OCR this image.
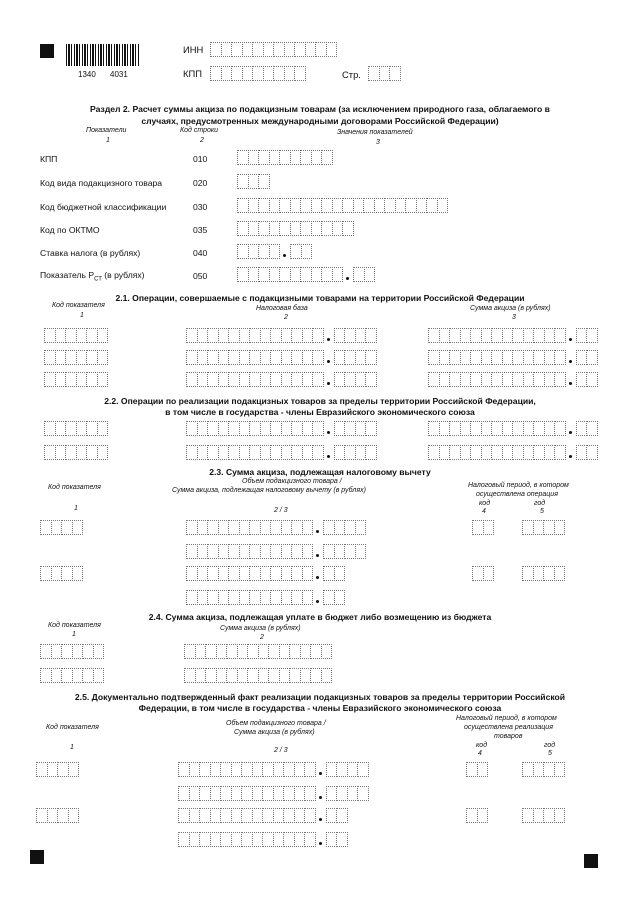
1340 4031
ИНН
КПП	Стр.
Раздел 2. Расчет суммы акциза по подакцизным товарам (за исключением природного газа, облагаемого в
случаях, предусмотренных международными договорами Российской Федерации)
Показатели
1
Код строки
2
Значения показателей
3
КПП	010
Код вида подакцизного товара	020
Код бюджетной классификации	030
Код по ОКТМО	035
Ставка налога (в рублях)	040
Показатель $Р_{СТ}$ (в рублях)	050
2.1. Операции, совершаемые с подакцизными товарами на территории Российской Федерации
Код показателя
1
Налоговая база
2
Сумма акциза (в рублях)
3
2.2. Операции по реализации подакцизных товаров за пределы территории Российской Федерации,
в том числе в государства - члены Евразийского экономического союза
2.3. Сумма акциза, подлежащая налоговому вычету
Код показателя
1
Объем подакцизного товара /
Сумма акциза, подлежащая налоговому вычету (в рублях)
2 / 3
Налоговый период, в котором
осуществлена операция
код
4
год
5
2.4. Сумма акциза, подлежащая уплате в бюджет либо возмещению из бюджета
Код показателя
1
Сумма акциза (в рублях)
2
2.5. Документально подтвержденный факт реализации подакцизных товаров за пределы территории Российской
Федерации, в том числе в государства - члены Евразийского экономического союза
Код показателя
1
Объем подакцизного товара /
Сумма акциза (в рублях)
2 / 3
Налоговый период, в котором
осуществлена реализация
товаров
код
4
год
5
